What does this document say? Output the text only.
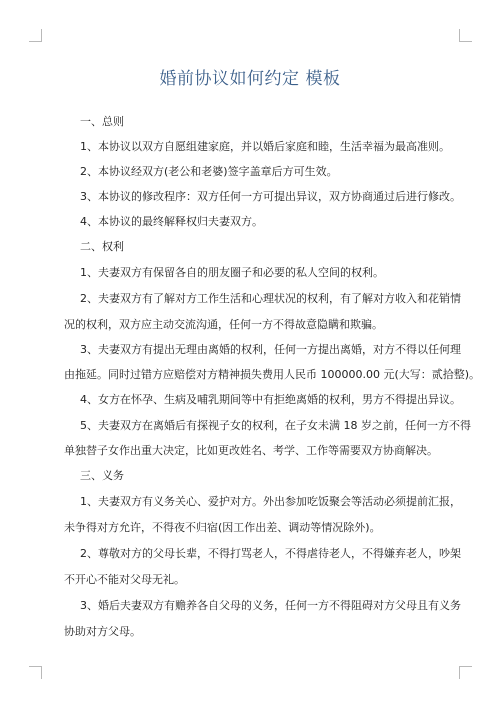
婚前协议如何约定 模板
一、总则
1、本协议以双方自愿组建家庭，并以婚后家庭和睦，生活幸福为最高准则。
2、本协议经双方(老公和老婆)签字盖章后方可生效。
3、本协议的修改程序：双方任何一方可提出异议，双方协商通过后进行修改。
4、本协议的最终解释权归夫妻双方。
二、权利
1、夫妻双方有保留各自的朋友圈子和必要的私人空间的权利。
2、夫妻双方有了解对方工作生活和心理状况的权利，有了解对方收入和花销情
况的权利，双方应主动交流沟通，任何一方不得故意隐瞒和欺骗。
3、夫妻双方有提出无理由离婚的权利，任何一方提出离婚，对方不得以任何理
由拖延。同时过错方应赔偿对方精神损失费用人民币 100000.00 元(大写：贰拾整)。
4、女方在怀孕、生病及哺乳期间等中有拒绝离婚的权利，男方不得提出异议。
5、夫妻双方在离婚后有探视子女的权利，在子女未满 18 岁之前，任何一方不得
单独替子女作出重大决定，比如更改姓名、考学、工作等需要双方协商解决。
三、义务
1、夫妻双方有义务关心、爱护对方。外出参加吃饭聚会等活动必须提前汇报，
未争得对方允许，不得夜不归宿(因工作出差、调动等情况除外)。
2、尊敬对方的父母长辈，不得打骂老人，不得虐待老人，不得嫌弃老人，吵架
不开心不能对父母无礼。
3、婚后夫妻双方有赡养各自父母的义务，任何一方不得阻碍对方父母且有义务
协助对方父母。
